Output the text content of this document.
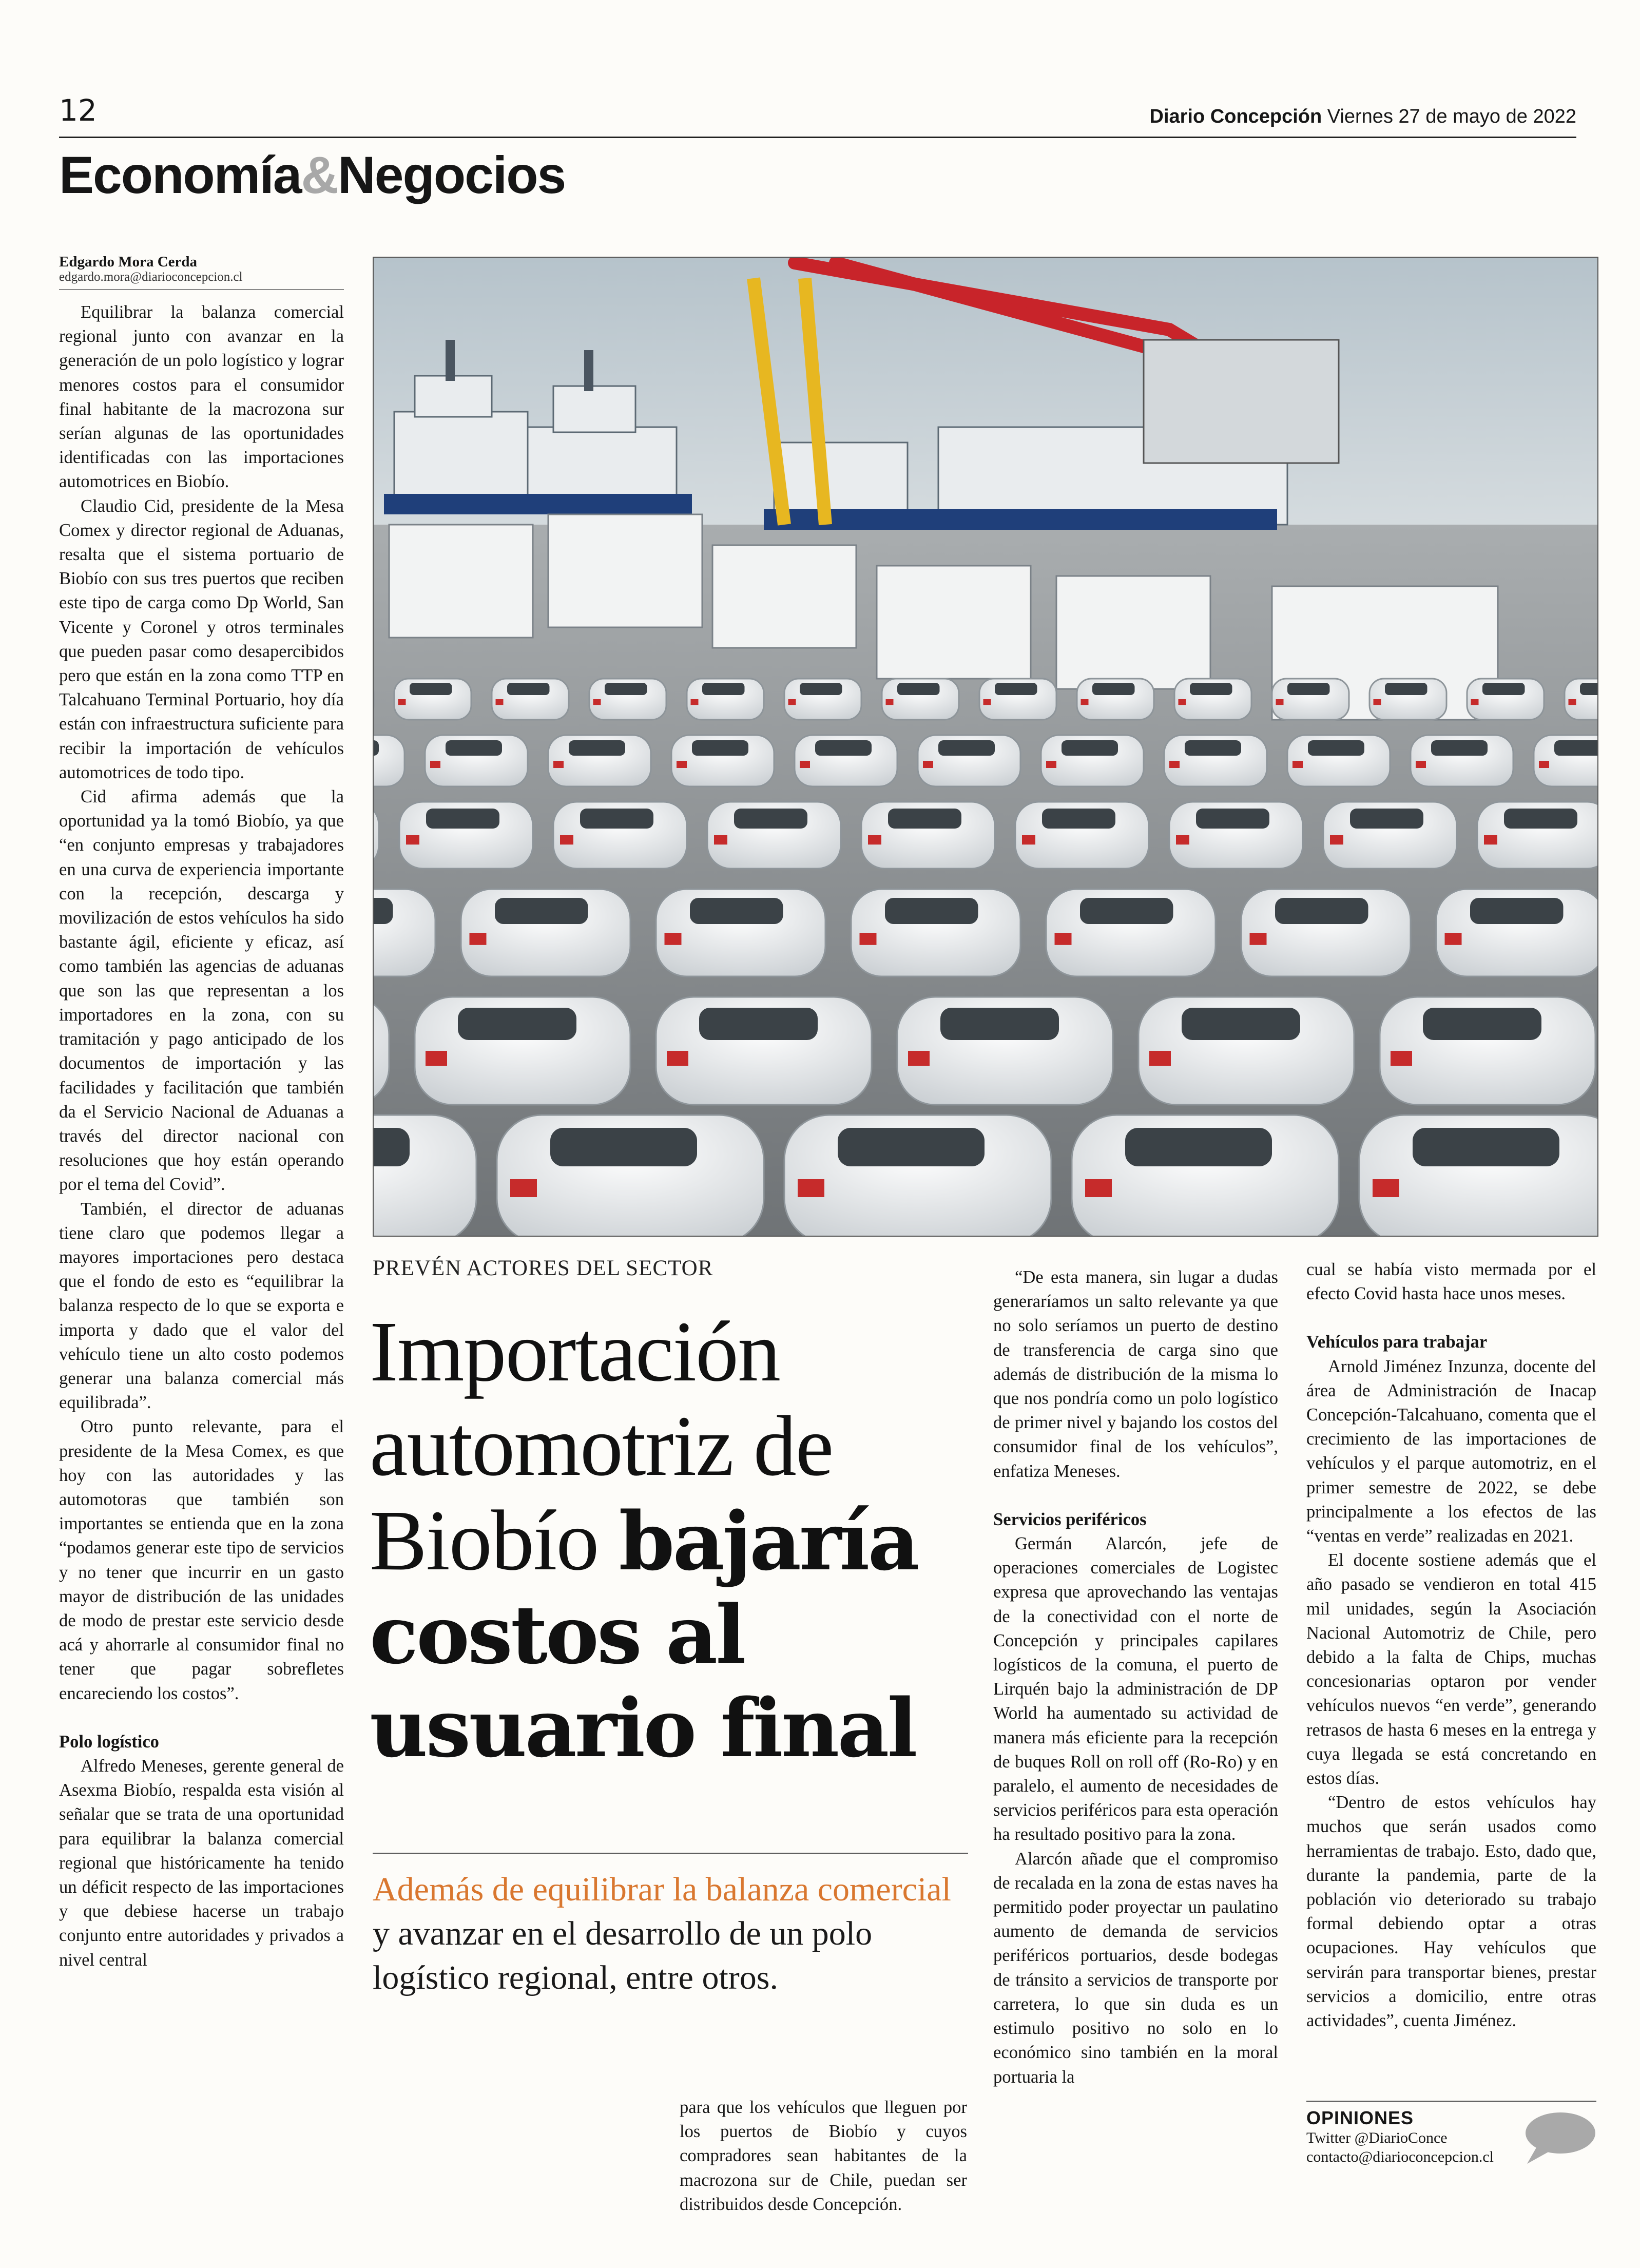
12	Diario Concepción Viernes 27 de mayo de 2022
Economía&Negocios
Edgardo Mora Cerda
edgardo.mora@diarioconcepcion.cl

Equilibrar la balanza comercial regional junto con avanzar en la generación de un polo logístico y lograr menores costos para el consumidor final habitante de la macrozona sur serían algunas de las oportunidades identificadas con las importaciones automotrices en Biobío.

Claudio Cid, presidente de la Mesa Comex y director regional de Aduanas, resalta que el sistema portuario de Biobío con sus tres puertos que reciben este tipo de carga como Dp World, San Vicente y Coronel y otros terminales que pueden pasar como desapercibidos pero que están en la zona como TTP en Talcahuano Terminal Portuario, hoy día están con infraestructura suficiente para recibir la importación de vehículos automotrices de todo tipo.

Cid afirma además que la oportunidad ya la tomó Biobío, ya que “en conjunto empresas y trabajadores en una curva de experiencia importante con la recepción, descarga y movilización de estos vehículos ha sido bastante ágil, eficiente y eficaz, así como también las agencias de aduanas que son las que representan a los importadores en la zona, con su tramitación y pago anticipado de los documentos de importación y las facilidades y facilitación que también da el Servicio Nacional de Aduanas a través del director nacional con resoluciones que hoy están operando por el tema del Covid”.

También, el director de aduanas tiene claro que podemos llegar a mayores importaciones pero destaca que el fondo de esto es “equilibrar la balanza respecto de lo que se exporta e importa y dado que el valor del vehículo tiene un alto costo podemos generar una balanza comercial más equilibrada”.

Otro punto relevante, para el presidente de la Mesa Comex, es que hoy con las autoridades y las automotoras que también son importantes se entienda que en la zona “podamos generar este tipo de servicios y no tener que incurrir en un gasto mayor de distribución de las unidades de modo de prestar este servicio desde acá y ahorrarle al consumidor final no tener que pagar sobrefletes encareciendo los costos”.

Polo logístico

Alfredo Meneses, gerente general de Asexma Biobío, respalda esta visión al señalar que se trata de una oportunidad para equilibrar la balanza comercial regional que históricamente ha tenido un déficit respecto de las importaciones y que debiese hacerse un trabajo conjunto entre autoridades y privados a nivel central

PREVÉN ACTORES DEL SECTOR
Importación automotriz de Biobío bajaría costos al usuario final
Además de equilibrar la balanza comercial y avanzar en el desarrollo de un polo logístico regional, entre otros.

para que los vehículos que lleguen por los puertos de Biobío y cuyos compradores sean habitantes de la macrozona sur de Chile, puedan ser distribuidos desde Concepción.

“De esta manera, sin lugar a dudas generaríamos un salto relevante ya que no solo seríamos un puerto de destino de transferencia de carga sino que además de distribución de la misma lo que nos pondría como un polo logístico de primer nivel y bajando los costos del consumidor final de los vehículos”, enfatiza Meneses.

Servicios periféricos

Germán Alarcón, jefe de operaciones comerciales de Logistec expresa que aprovechando las ventajas de la conectividad con el norte de Concepción y principales capilares logísticos de la comuna, el puerto de Lirquén bajo la administración de DP World ha aumentado su actividad de manera más eficiente para la recepción de buques Roll on roll off (Ro-Ro) y en paralelo, el aumento de necesidades de servicios periféricos para esta operación ha resultado positivo para la zona.

Alarcón añade que el compromiso de recalada en la zona de estas naves ha permitido poder proyectar un paulatino aumento de demanda de servicios periféricos portuarios, desde bodegas de tránsito a servicios de transporte por carretera, lo que sin duda es un estimulo positivo no solo en lo económico sino también en la moral portuaria la

cual se había visto mermada por el efecto Covid hasta hace unos meses.

Vehículos para trabajar

Arnold Jiménez Inzunza, docente del área de Administración de Inacap Concepción-Talcahuano, comenta que el crecimiento de las importaciones de vehículos y el parque automotriz, en el primer semestre de 2022, se debe principalmente a los efectos de las “ventas en verde” realizadas en 2021.

El docente sostiene además que el año pasado se vendieron en total 415 mil unidades, según la Asociación Nacional Automotriz de Chile, pero debido a la falta de Chips, muchas concesionarias optaron por vender vehículos nuevos “en verde”, generando retrasos de hasta 6 meses en la entrega y cuya llegada se está concretando en estos días.

“Dentro de estos vehículos hay muchos que serán usados como herramientas de trabajo. Esto, dado que, durante la pandemia, parte de la población vio deteriorado su trabajo formal debiendo optar a otras ocupaciones. Hay vehículos que servirán para transportar bienes, prestar servicios a domicilio, entre otras actividades”, cuenta Jiménez.

OPINIONES
Twitter @DiarioConce
contacto@diarioconcepcion.cl
